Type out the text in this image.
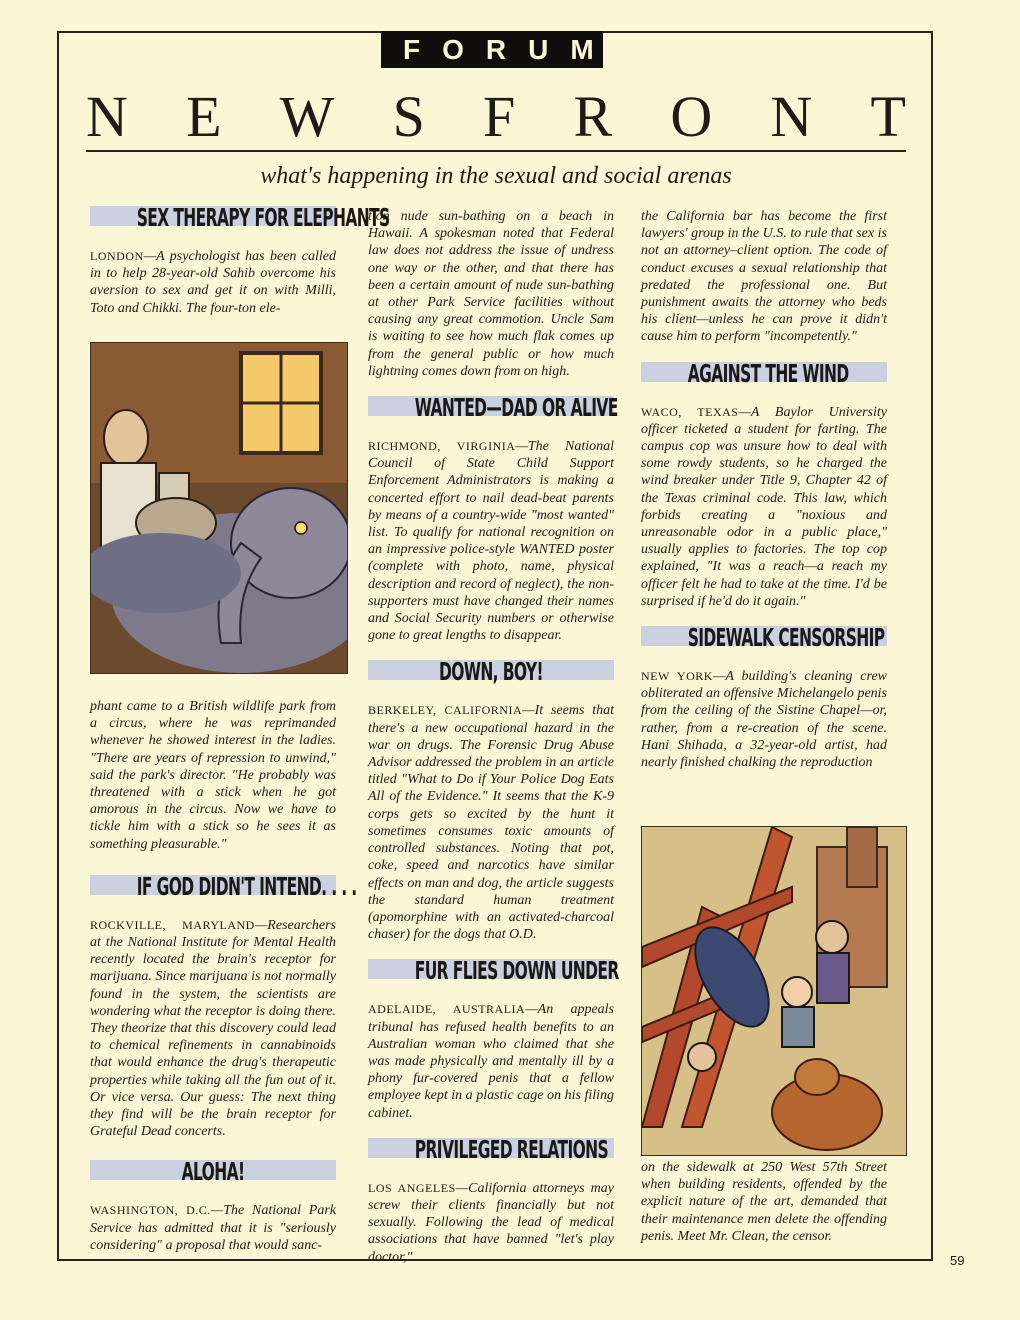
FORUM
N E W S F R O N T
what's happening in the sexual and social arenas
SEX THERAPY FOR ELEPHANTS

LONDON—A psychologist has been called in to help 28-year-old Sahib overcome his aversion to sex and get it on with Milli, Toto and Chikki. The four-ton ele-

phant came to a British wildlife park from a circus, where he was reprimanded whenever he showed interest in the ladies. "There are years of repression to unwind," said the park's director. "He probably was threatened with a stick when he got amorous in the circus. Now we have to tickle him with a stick so he sees it as something pleasurable."

IF GOD DIDN'T INTEND. . . .

ROCKVILLE, MARYLAND—Researchers at the National Institute for Mental Health recently located the brain's receptor for marijuana. Since marijuana is not normally found in the system, the scientists are wondering what the receptor is doing there. They theorize that this discovery could lead to chemical refinements in cannabinoids that would enhance the drug's therapeutic properties while taking all the fun out of it. Or vice versa. Our guess: The next thing they find will be the brain receptor for Grateful Dead concerts.

ALOHA!

WASHINGTON, D.C.—The National Park Service has admitted that it is "seriously considering" a proposal that would sanc-

tion nude sun-bathing on a beach in Hawaii. A spokesman noted that Federal law does not address the issue of undress one way or the other, and that there has been a certain amount of nude sun-bathing at other Park Service facilities without causing any great commotion. Uncle Sam is waiting to see how much flak comes up from the general public or how much lightning comes down from on high.

WANTED—DAD OR ALIVE

RICHMOND, VIRGINIA—The National Council of State Child Support Enforcement Administrators is making a concerted effort to nail dead-beat parents by means of a country-wide "most wanted" list. To qualify for national recognition on an impressive police-style WANTED poster (complete with photo, name, physical description and record of neglect), the non-supporters must have changed their names and Social Security numbers or otherwise gone to great lengths to disappear.

DOWN, BOY!

BERKELEY, CALIFORNIA—It seems that there's a new occupational hazard in the war on drugs. The Forensic Drug Abuse Advisor addressed the problem in an article titled "What to Do if Your Police Dog Eats All of the Evidence." It seems that the K-9 corps gets so excited by the hunt it sometimes consumes toxic amounts of controlled substances. Noting that pot, coke, speed and narcotics have similar effects on man and dog, the article suggests the standard human treatment (apomorphine with an activated-charcoal chaser) for the dogs that O.D.

FUR FLIES DOWN UNDER

ADELAIDE, AUSTRALIA—An appeals tribunal has refused health benefits to an Australian woman who claimed that she was made physically and mentally ill by a phony fur-covered penis that a fellow employee kept in a plastic cage on his filing cabinet.

PRIVILEGED RELATIONS

LOS ANGELES—California attorneys may screw their clients financially but not sexually. Following the lead of medical associations that have banned "let's play doctor,"

the California bar has become the first lawyers' group in the U.S. to rule that sex is not an attorney–client option. The code of conduct excuses a sexual relationship that predated the professional one. But punishment awaits the attorney who beds his client—unless he can prove it didn't cause him to perform "incompetently."

AGAINST THE WIND

WACO, TEXAS—A Baylor University officer ticketed a student for farting. The campus cop was unsure how to deal with some rowdy students, so he charged the wind breaker under Title 9, Chapter 42 of the Texas criminal code. This law, which forbids creating a "noxious and unreasonable odor in a public place," usually applies to factories. The top cop explained, "It was a reach—a reach my officer felt he had to take at the time. I'd be surprised if he'd do it again."

SIDEWALK CENSORSHIP

NEW YORK—A building's cleaning crew obliterated an offensive Michelangelo penis from the ceiling of the Sistine Chapel—or, rather, from a re-creation of the scene. Hani Shihada, a 32-year-old artist, had nearly finished chalking the reproduction

on the sidewalk at 250 West 57th Street when building residents, offended by the explicit nature of the art, demanded that their maintenance men delete the offending penis. Meet Mr. Clean, the censor.

59
